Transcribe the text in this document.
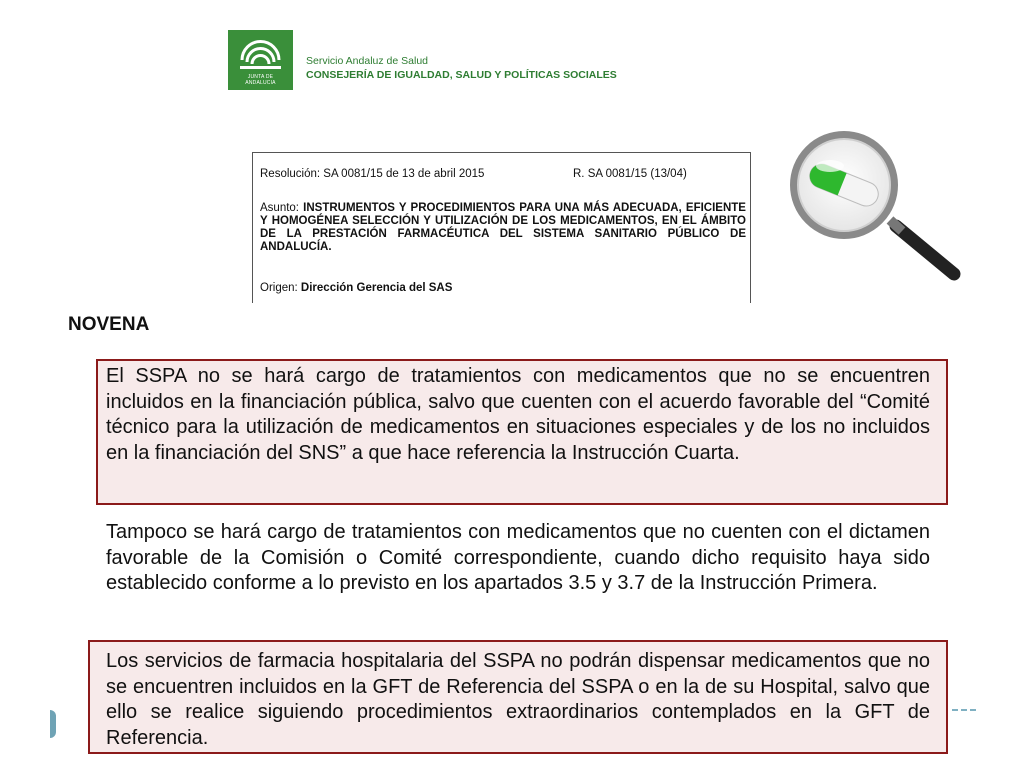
JUNTA DE ANDALUCIA
Servicio Andaluz de Salud
CONSEJERÍA DE IGUALDAD, SALUD Y POLÍTICAS SOCIALES
Resolución: SA 0081/15 de 13 de abril 2015	R. SA 0081/15 (13/04)
Asunto: INSTRUMENTOS Y PROCEDIMIENTOS PARA UNA MÁS ADECUADA, EFICIENTE Y HOMOGÉNEA SELECCIÓN Y UTILIZACIÓN DE LOS MEDICAMENTOS, EN EL ÁMBITO DE LA PRESTACIÓN FARMACÉUTICA DEL SISTEMA SANITARIO PÚBLICO DE ANDALUCÍA.
Origen: Dirección Gerencia del SAS
NOVENA
El SSPA no se hará cargo de tratamientos con medicamentos que no se encuentren incluidos en la financiación pública, salvo que cuenten con el acuerdo favorable del “Comité técnico para la utilización de medicamentos en situaciones especiales y de los no incluidos en la financiación del SNS” a que hace referencia la Instrucción Cuarta.
Tampoco se hará cargo de tratamientos con medicamentos que no cuenten con el dictamen favorable de la Comisión o Comité correspondiente, cuando dicho requisito haya sido establecido conforme a lo previsto en los apartados 3.5 y 3.7 de la Instrucción Primera.
Los servicios de farmacia hospitalaria del SSPA no podrán dispensar medicamentos que no se encuentren incluidos en la GFT de Referencia del SSPA o en la de su Hospital, salvo que ello se realice siguiendo procedimientos extraordinarios contemplados en la GFT de Referencia.
